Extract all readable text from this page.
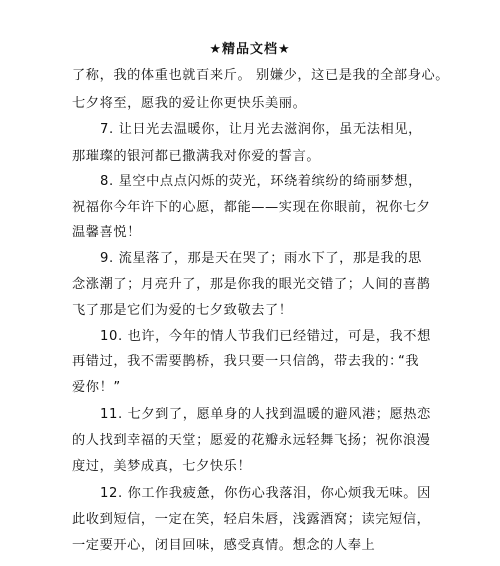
★精品文档★
了称，我的体重也就百来斤。 别嫌少，这已是我的全部身心。
七夕将至，愿我的爱让你更快乐美丽。
7. 让日光去温暖你，让月光去滋润你，虽无法相见，
那璀璨的银河都已撒满我对你爱的誓言。
8. 星空中点点闪烁的荧光，环绕着缤纷的绮丽梦想，
祝福你今年许下的心愿，都能——实现在你眼前，祝你七夕
温馨喜悦！
9. 流星落了，那是天在哭了；雨水下了，那是我的思
念涨潮了；月亮升了，那是你我的眼光交错了；人间的喜鹊
飞了那是它们为爱的七夕致敬去了！
10. 也许，今年的情人节我们已经错过，可是，我不想
再错过，我不需要鹊桥，我只要一只信鸽，带去我的：
“我
爱你！”
11. 七夕到了，愿单身的人找到温暖的避风港；愿热恋
的人找到幸福的天堂；愿爱的花瓣永远轻舞飞扬；祝你浪漫
度过，美梦成真，七夕快乐！
12. 你工作我疲惫，你伤心我落泪，你心烦我无味。因
此收到短信，一定在笑，轻启朱唇，浅露酒窝；读完短信，
一定要开心，闭目回味，感受真情。想念的人奉上
